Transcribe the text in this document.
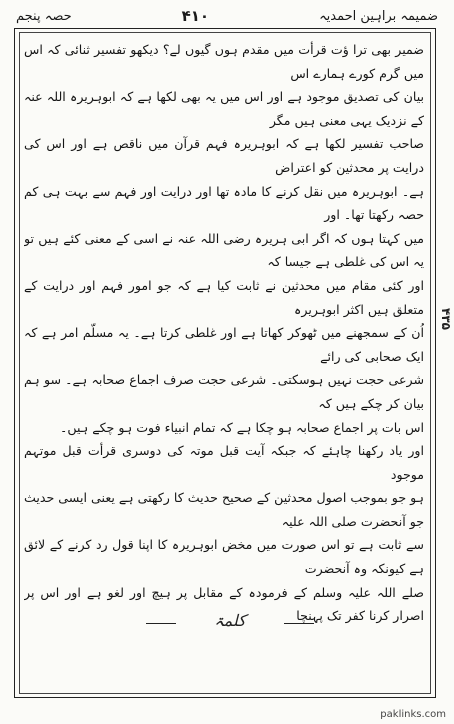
ضمیمہ براہین احمدیہ
۴۱۰
حصہ پنجم

ضمیر بھی ترا ؤت قرأت میں مقدم ہوں گیوں لے؟ دیکھو تفسیر ثنائی کہ اس میں گرم کورے ہمارے اس

بیان کی تصدیق موجود ہے اور اس میں یہ بھی لکھا ہے کہ ابوہریرہ اللہ عنہ کے نزدیک یہی معنی ہیں مگر

صاحب تفسیر لکھا ہے کہ ابوہریرہ فہم قرآن میں ناقص ہے اور اس کی درایت پر محدثین کو اعتراض

ہے۔ ابوہریرہ میں نقل کرنے کا مادہ تھا اور درایت اور فہم سے بہت ہی کم حصہ رکھتا تھا۔ اور

میں کہتا ہوں کہ اگر ابی ہریرہ رضی اللہ عنہ نے اسی کے معنی کئے ہیں تو یہ اس کی غلطی ہے جیسا کہ

اور کئی مقام میں محدثین نے ثابت کیا ہے کہ جو امور فہم اور درایت کے متعلق ہیں اکثر ابوہریرہ

اُن کے سمجھنے میں ٹھوکر کھاتا ہے اور غلطی کرتا ہے۔ یہ مسلّم امر ہے کہ ایک صحابی کی رائے

شرعی حجت نہیں ہوسکتی۔ شرعی حجت صرف اجماع صحابہ ہے۔ سو ہم بیان کر چکے ہیں کہ

اس بات پر اجماع صحابہ ہو چکا ہے کہ تمام انبیاء فوت ہو چکے ہیں۔

اور یاد رکھنا چاہئے کہ جبکہ آیت قبل موتہ کی دوسری قرأت قبل موتہم موجود

ہو جو بموجب اصول محدثین کے صحیح حدیث کا رکھتی ہے یعنی ایسی حدیث جو آنحضرت صلی اللہ علیہ

سے ثابت ہے تو اس صورت میں مخض ابوہریرہ کا اپنا قول رد کرنے کے لائق ہے کیونکہ وہ آنحضرت

صلے اللہ علیہ وسلم کے فرمودہ کے مقابل پر ہیچ اور لغو ہے اور اس پر اصرار کرنا کفر تک پہنچا

۴۳۵
کلمۃ
paklinks.com
